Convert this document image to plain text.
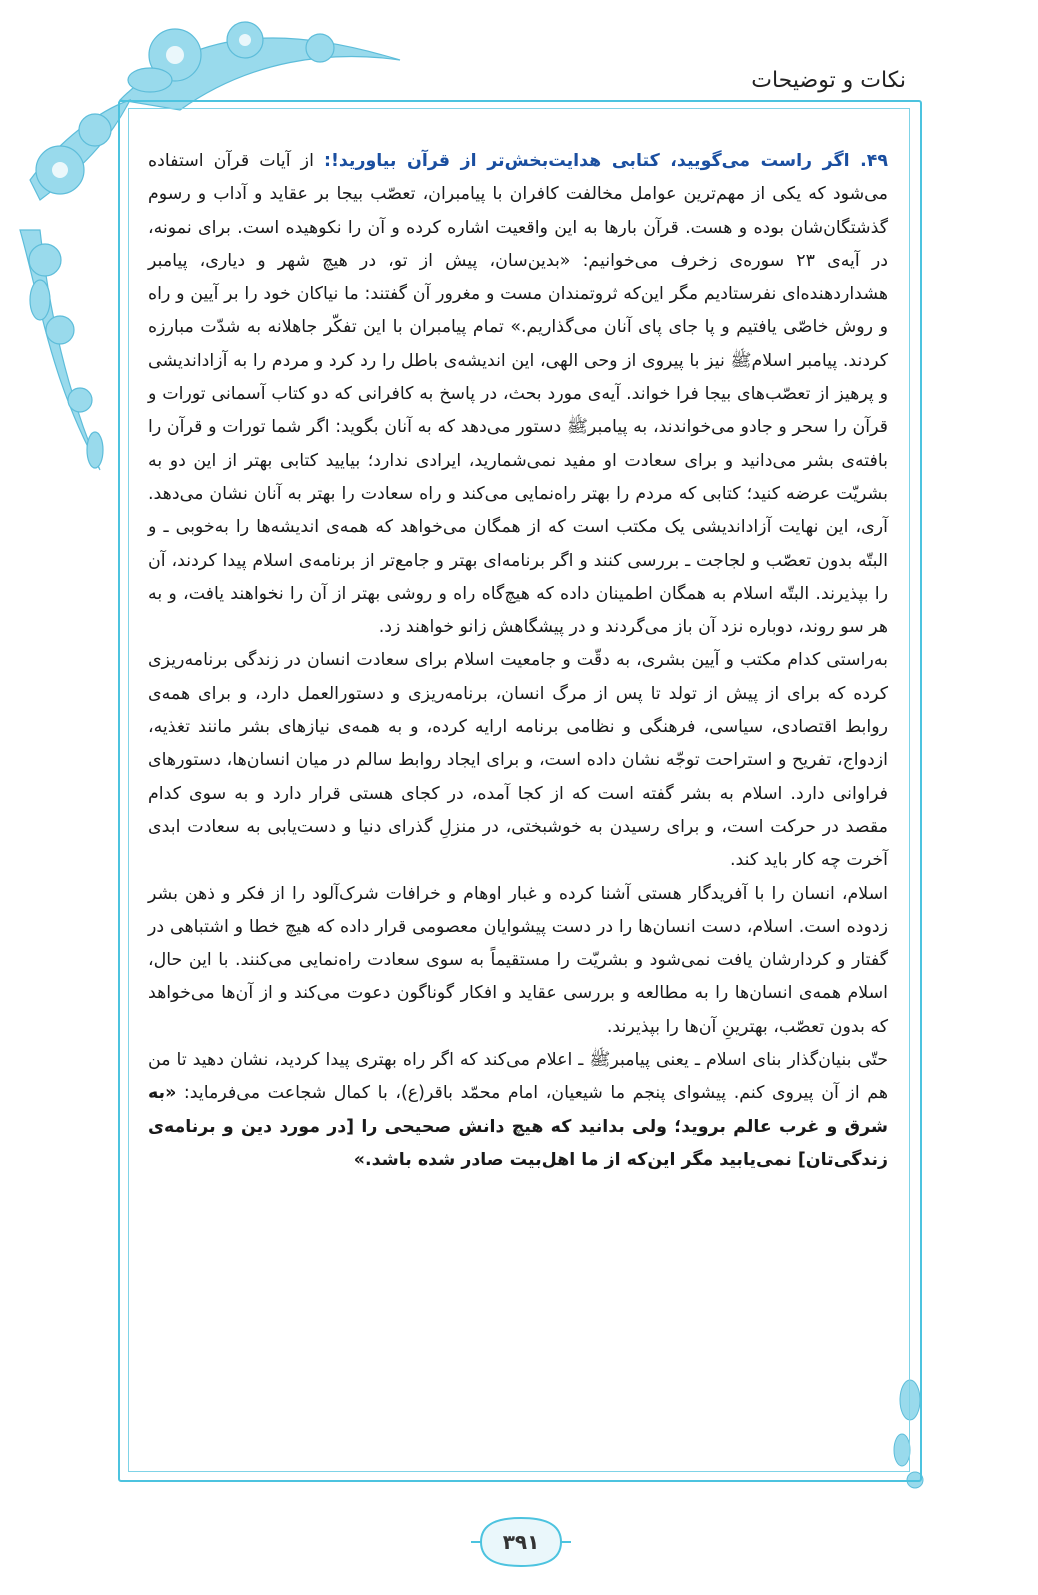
نکات و توضیحات

۴۹. اگر راست می‌گویید، کتابی هدایت‌بخش‌تر از قرآن بیاورید!: از آیات قرآن استفاده می‌شود که یکی از مهم‌ترین عوامل مخالفت کافران با پیامبران، تعصّب بیجا بر عقاید و آداب و رسوم گذشتگان‌شان بوده و هست. قرآن بارها به این واقعیت اشاره کرده و آن را نکوهیده است. برای نمونه، در آیه‌ی ۲۳ سوره‌ی زخرف می‌خوانیم: «بدین‌سان، پیش از تو، در هیچ شهر و دیاری، پیامبر هشداردهنده‌ای نفرستادیم مگر این‌که ثروتمندان مست و مغرور آن گفتند: ما نیاکان خود را بر آیین و راه و روش خاصّی یافتیم و پا جای پای آنان می‌گذاریم.» تمام پیامبران با این تفکّر جاهلانه به شدّت مبارزه کردند. پیامبر اسلامﷺ نیز با پیروی از وحی الهی، این اندیشه‌ی باطل را رد کرد و مردم را به آزاداندیشی و پرهیز از تعصّب‌های بیجا فرا خواند. آیه‌ی مورد بحث، در پاسخ به کافرانی که دو کتاب آسمانی تورات و قرآن را سحر و جادو می‌خواندند، به پیامبرﷺ دستور می‌دهد که به آنان بگوید: اگر شما تورات و قرآن را بافته‌ی بشر می‌دانید و برای سعادت او مفید نمی‌شمارید، ایرادی ندارد؛ بیایید کتابی بهتر از این دو به بشریّت عرضه کنید؛ کتابی که مردم را بهتر راه‌نمایی می‌کند و راه سعادت را بهتر به آنان نشان می‌دهد. آری، این نهایت آزاداندیشی یک مکتب است که از همگان می‌خواهد که همه‌ی اندیشه‌ها را به‌خوبی ـ و البتّه بدون تعصّب و لجاجت ـ بررسی کنند و اگر برنامه‌ای بهتر و جامع‌تر از برنامه‌ی اسلام پیدا کردند، آن را بپذیرند. البتّه اسلام به همگان اطمینان داده که هیچ‌گاه راه و روشی بهتر از آن را نخواهند یافت، و به هر سو روند، دوباره نزد آن باز می‌گردند و در پیشگاهش زانو خواهند زد.

به‌راستی کدام مکتب و آیین بشری، به دقّت و جامعیت اسلام برای سعادت انسان در زندگی برنامه‌ریزی کرده که برای از پیش از تولد تا پس از مرگ انسان، برنامه‌ریزی و دستورالعمل دارد، و برای همه‌ی روابط اقتصادی، سیاسی، فرهنگی و نظامی برنامه ارایه کرده، و به همه‌ی نیازهای بشر مانند تغذیه، ازدواج، تفریح و استراحت توجّه نشان داده است، و برای ایجاد روابط سالم در میان انسان‌ها، دستورهای فراوانی دارد. اسلام به بشر گفته است که از کجا آمده، در کجای هستی قرار دارد و به سوی کدام مقصد در حرکت است، و برای رسیدن به خوشبختی، در منزلِ گذرای دنیا و دست‌یابی به سعادت ابدی آخرت چه کار باید کند.

اسلام، انسان را با آفریدگار هستی آشنا کرده و غبار اوهام و خرافات شرک‌آلود را از فکر و ذهن بشر زدوده است. اسلام، دست انسان‌ها را در دست پیشوایان معصومی قرار داده که هیچ خطا و اشتباهی در گفتار و کردارشان یافت نمی‌شود و بشریّت را مستقیماً به سوی سعادت راه‌نمایی می‌کنند. با این حال، اسلام همه‌ی انسان‌ها را به مطالعه و بررسی عقاید و افکار گوناگون دعوت می‌کند و از آن‌ها می‌خواهد که بدون تعصّب، بهترینِ آن‌ها را بپذیرند.

حتّی بنیان‌گذار بنای اسلام ـ یعنی پیامبرﷺ ـ اعلام می‌کند که اگر راه بهتری پیدا کردید، نشان دهید تا من هم از آن پیروی کنم. پیشوای پنجم ما شیعیان، امام محمّد باقر(ع)، با کمال شجاعت می‌فرماید: «به شرق و غرب عالم بروید؛ ولی بدانید که هیچ دانش صحیحی را [در مورد دین و برنامه‌ی زندگی‌تان] نمی‌یابید مگر این‌که از ما اهل‌بیت صادر شده باشد.»

۳۹۱
